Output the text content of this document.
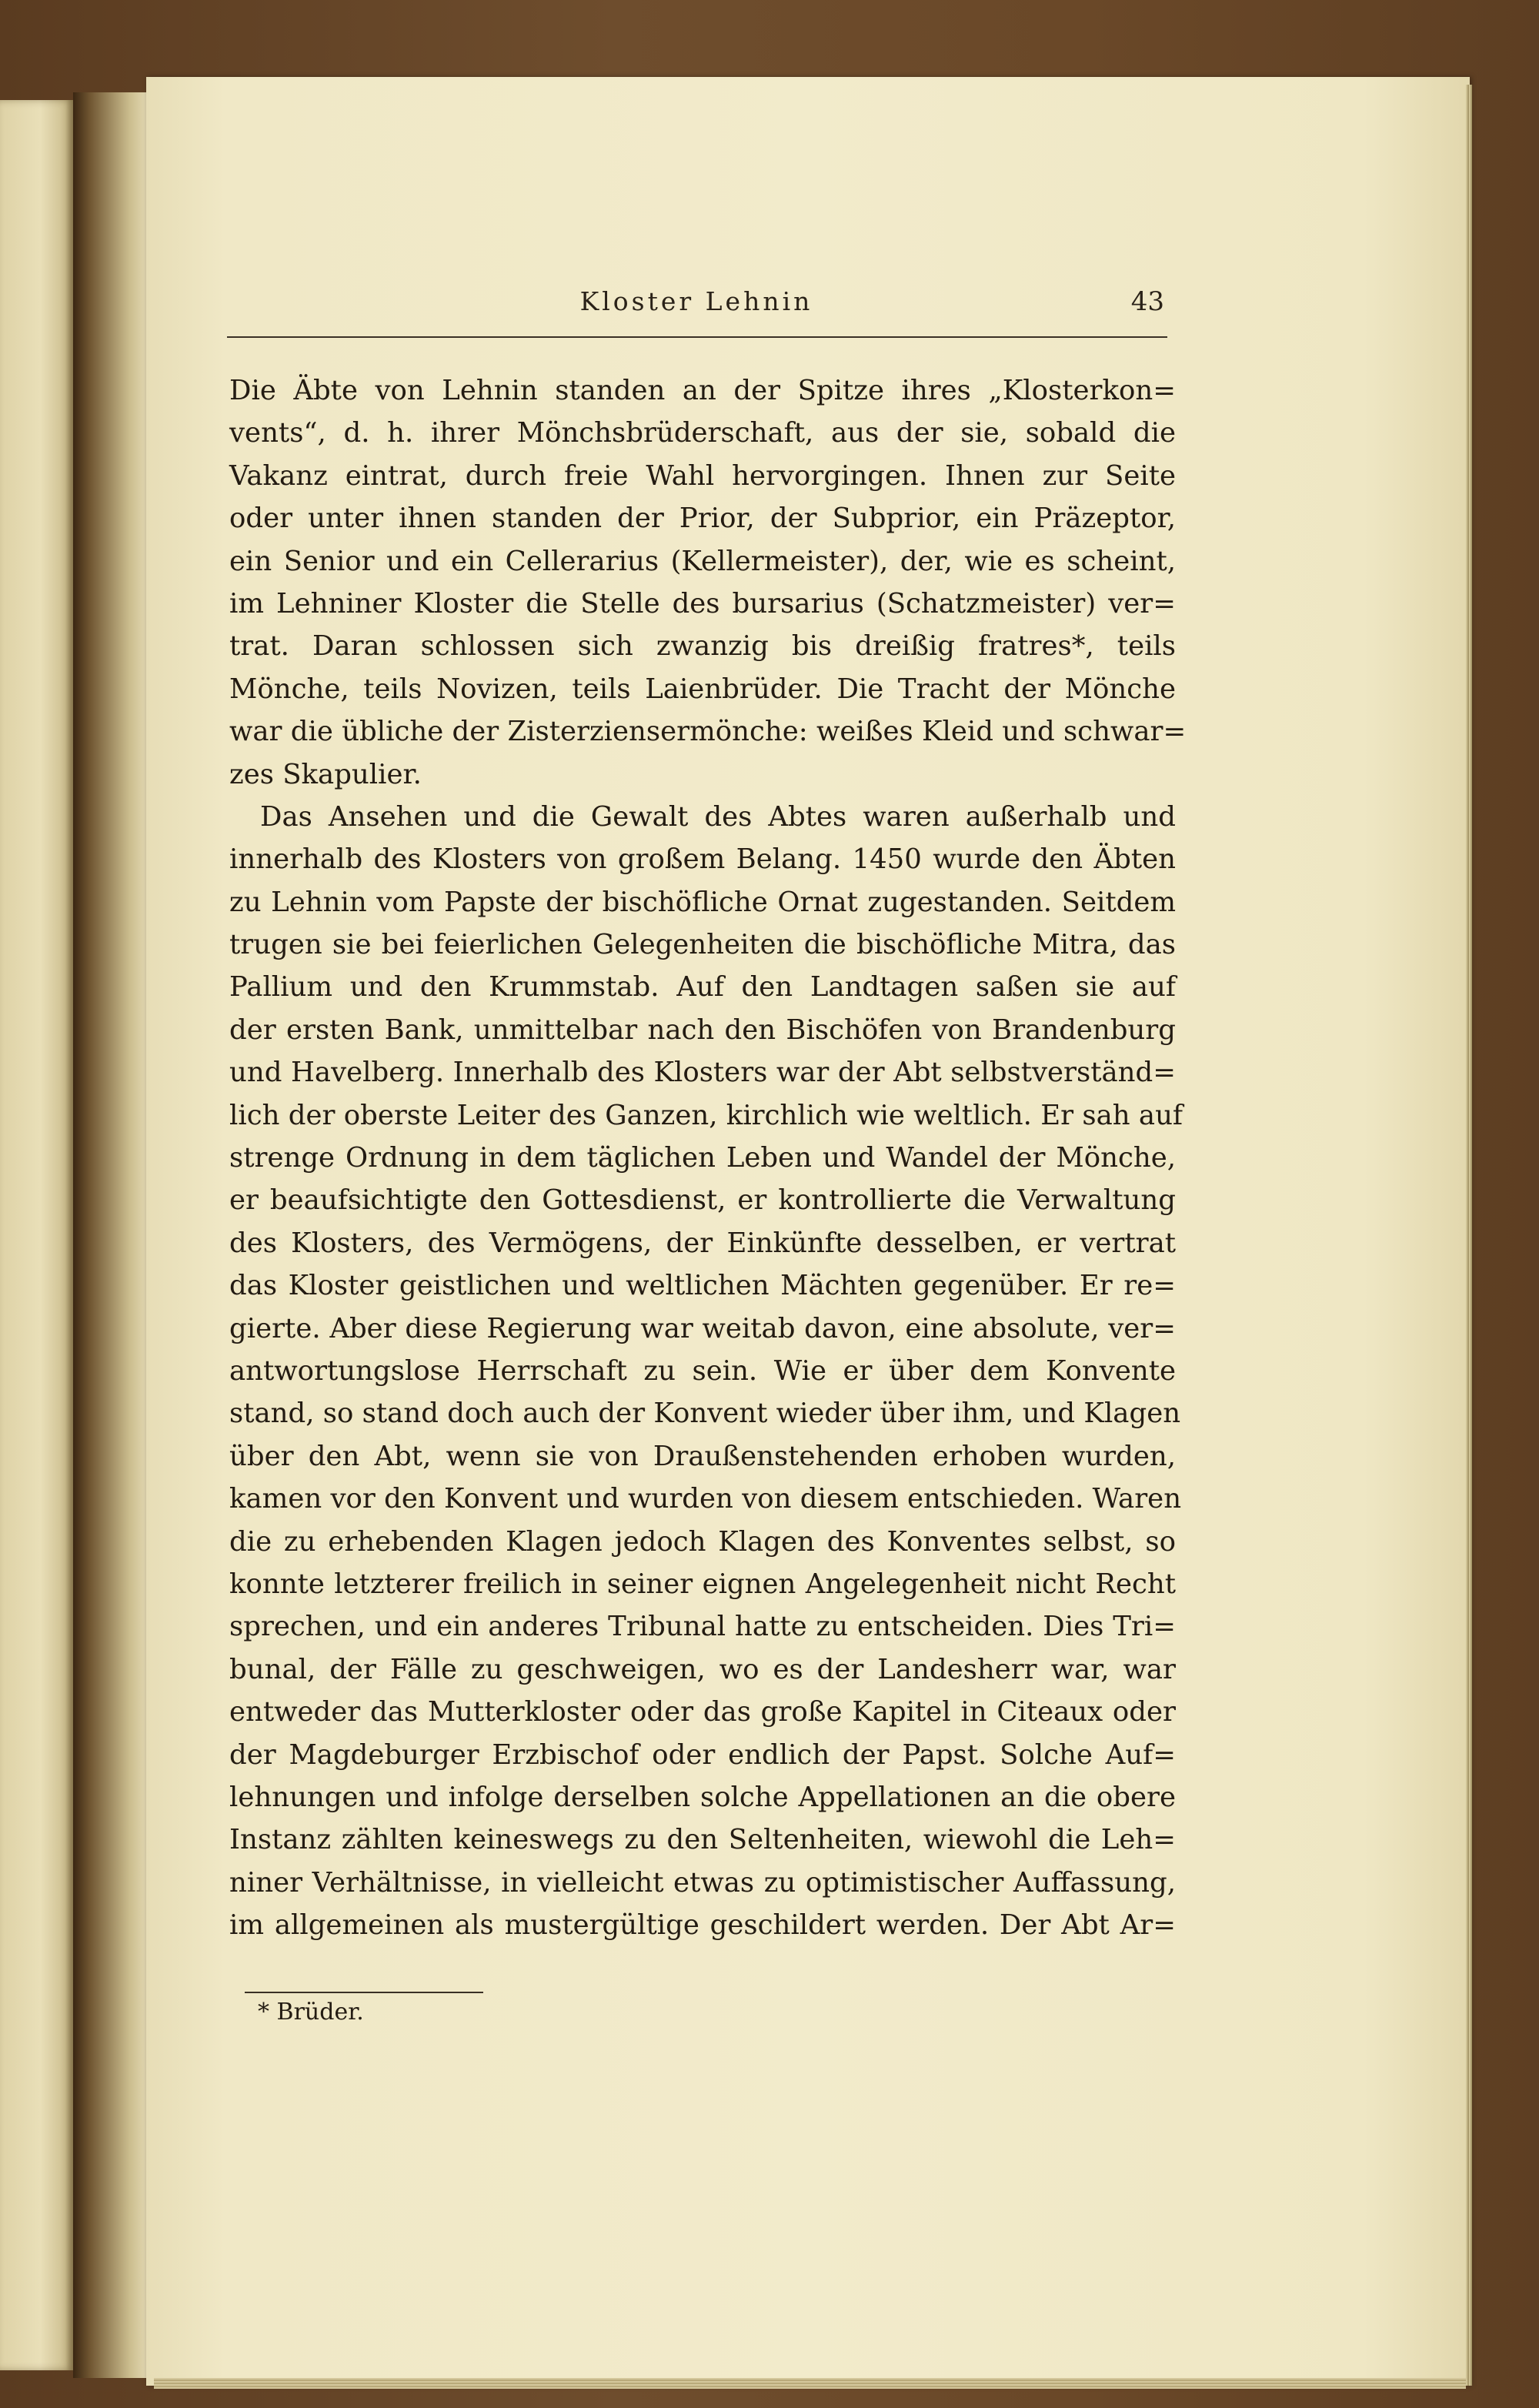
Kloster Lehnin	43
Die Äbte von Lehnin standen an der Spitze ihres „Klosterkon=
vents“, d. h. ihrer Mönchsbrüderschaft, aus der sie, sobald die
Vakanz eintrat, durch freie Wahl hervorgingen. Ihnen zur Seite
oder unter ihnen standen der Prior, der Subprior, ein Präzeptor,
ein Senior und ein Cellerarius (Kellermeister), der, wie es scheint,
im Lehniner Kloster die Stelle des bursarius (Schatzmeister) ver=
trat. Daran schlossen sich zwanzig bis dreißig fratres*, teils
Mönche, teils Novizen, teils Laienbrüder. Die Tracht der Mönche
war die übliche der Zisterziensermönche: weißes Kleid und schwar=
zes Skapulier.
Das Ansehen und die Gewalt des Abtes waren außerhalb und
innerhalb des Klosters von großem Belang. 1450 wurde den Äbten
zu Lehnin vom Papste der bischöfliche Ornat zugestanden. Seitdem
trugen sie bei feierlichen Gelegenheiten die bischöfliche Mitra, das
Pallium und den Krummstab. Auf den Landtagen saßen sie auf
der ersten Bank, unmittelbar nach den Bischöfen von Brandenburg
und Havelberg. Innerhalb des Klosters war der Abt selbstverständ=
lich der oberste Leiter des Ganzen, kirchlich wie weltlich. Er sah auf
strenge Ordnung in dem täglichen Leben und Wandel der Mönche,
er beaufsichtigte den Gottesdienst, er kontrollierte die Verwaltung
des Klosters, des Vermögens, der Einkünfte desselben, er vertrat
das Kloster geistlichen und weltlichen Mächten gegenüber. Er re=
gierte. Aber diese Regierung war weitab davon, eine absolute, ver=
antwortungslose Herrschaft zu sein. Wie er über dem Konvente
stand, so stand doch auch der Konvent wieder über ihm, und Klagen
über den Abt, wenn sie von Draußenstehenden erhoben wurden,
kamen vor den Konvent und wurden von diesem entschieden. Waren
die zu erhebenden Klagen jedoch Klagen des Konventes selbst, so
konnte letzterer freilich in seiner eignen Angelegenheit nicht Recht
sprechen, und ein anderes Tribunal hatte zu entscheiden. Dies Tri=
bunal, der Fälle zu geschweigen, wo es der Landesherr war, war
entweder das Mutterkloster oder das große Kapitel in Citeaux oder
der Magdeburger Erzbischof oder endlich der Papst. Solche Auf=
lehnungen und infolge derselben solche Appellationen an die obere
Instanz zählten keineswegs zu den Seltenheiten, wiewohl die Leh=
niner Verhältnisse, in vielleicht etwas zu optimistischer Auffassung,
im allgemeinen als mustergültige geschildert werden. Der Abt Ar=
* Brüder.
